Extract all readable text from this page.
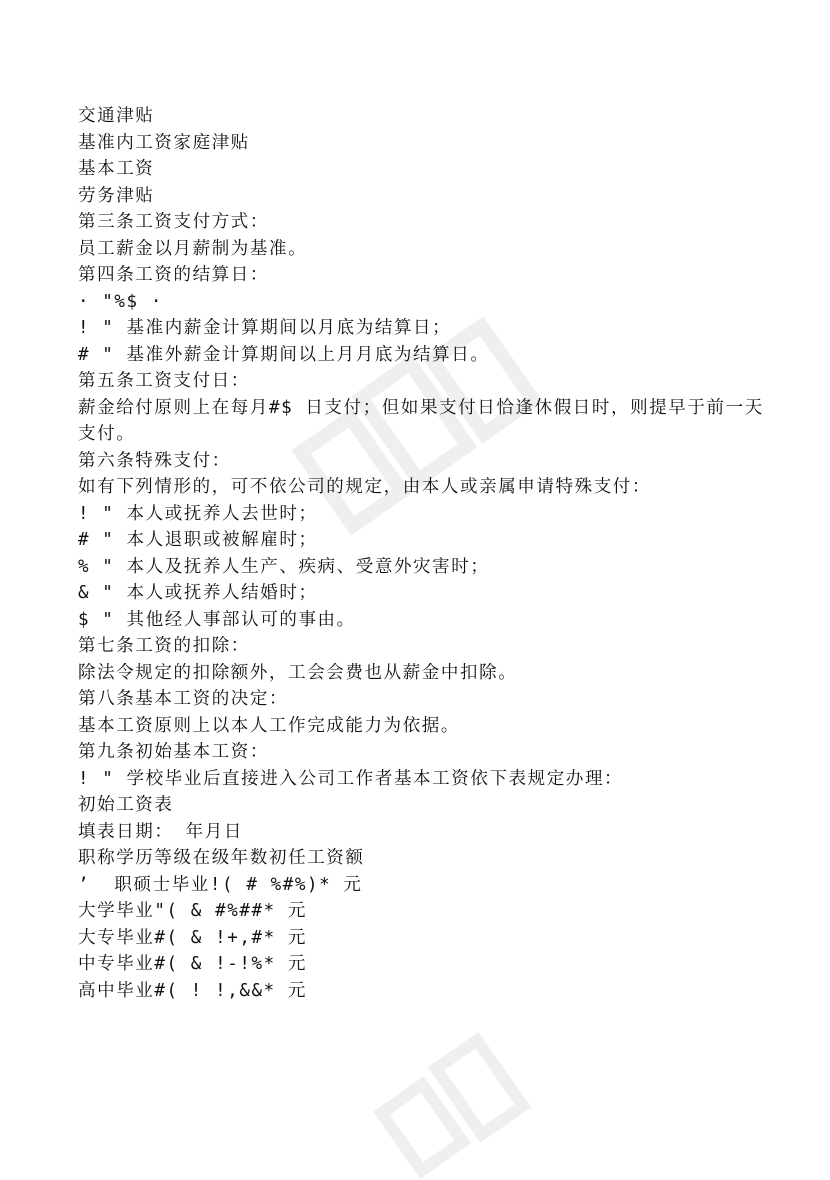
交通津贴
基准内工资家庭津贴
基本工资
劳务津贴
第三条工资支付方式：
员工薪金以月薪制为基准。
第四条工资的结算日：
· "%$ ·
! " 基准内薪金计算期间以月底为结算日；
# " 基准外薪金计算期间以上月月底为结算日。
第五条工资支付日：
薪金给付原则上在每月#$ 日支付；但如果支付日恰逢休假日时，则提早于前一天支付。
第六条特殊支付：
如有下列情形的，可不依公司的规定，由本人或亲属申请特殊支付：
! " 本人或抚养人去世时；
# " 本人退职或被解雇时；
% " 本人及抚养人生产、疾病、受意外灾害时；
& " 本人或抚养人结婚时；
$ " 其他经人事部认可的事由。
第七条工资的扣除：
除法令规定的扣除额外，工会会费也从薪金中扣除。
第八条基本工资的决定：
基本工资原则上以本人工作完成能力为依据。
第九条初始基本工资：
! " 学校毕业后直接进入公司工作者基本工资依下表规定办理：
初始工资表
填表日期： 年月日
职称学历等级在级年数初任工资额
’  职硕士毕业!( # %#%)* 元
大学毕业"( & #%##* 元
大专毕业#( & !+,#* 元
中专毕业#( & !-!%* 元
高中毕业#( ! !,&&* 元
